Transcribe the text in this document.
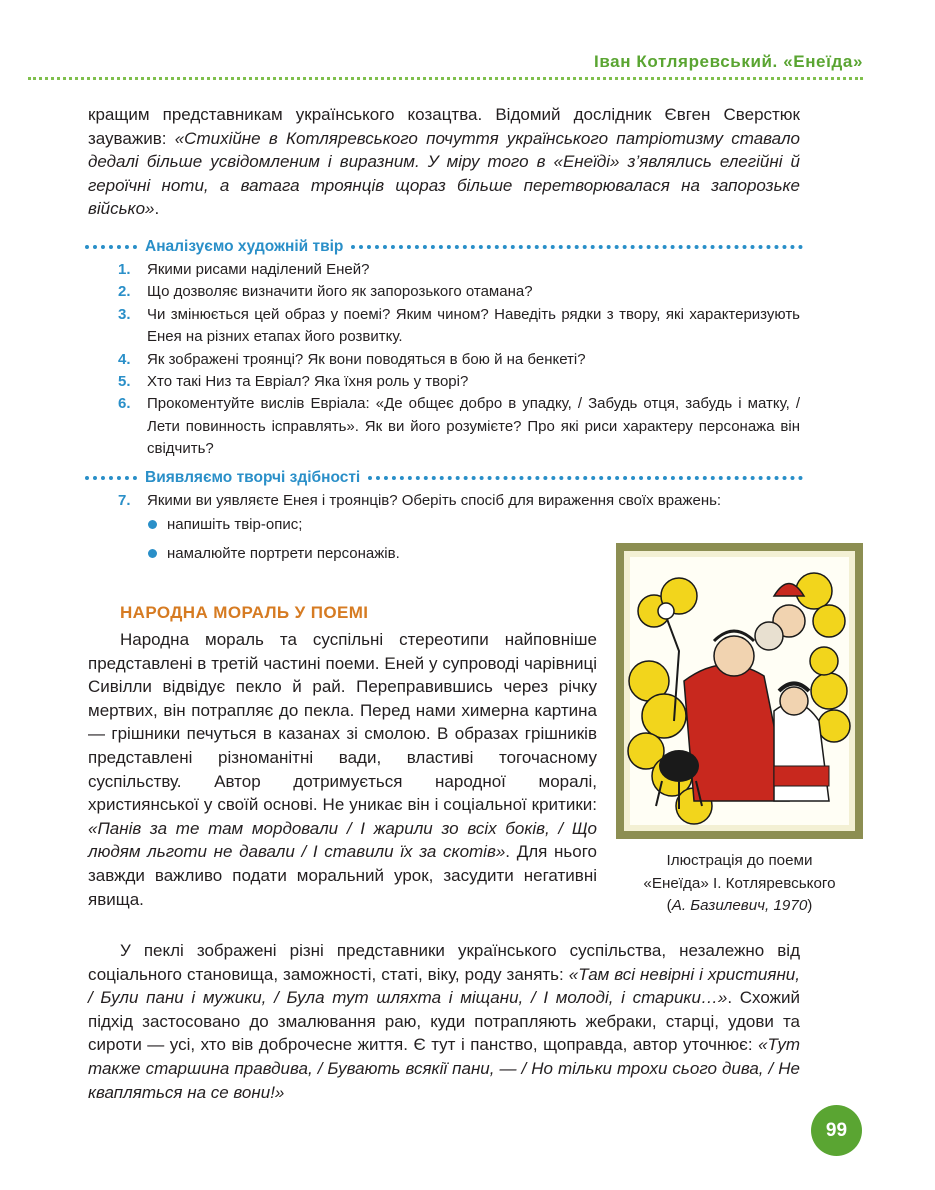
Іван Котляревський. «Енеїда»

кращим представникам українського козацтва. Відомий дослідник Євген Сверстюк зауважив: «Стихійне в Котляревського почуття українського патріотизму ставало дедалі більше усвідомленим і виразним. У міру того в «Енеїді» з’являлись елегійні й героїчні ноти, а ватага троянців щораз більше перетворювалася на запорозьке військо».

Аналізуємо художній твір
1. Якими рисами наділений Еней?
2. Що дозволяє визначити його як запорозького отамана?
3. Чи змінюється цей образ у поемі? Яким чином? Наведіть рядки з твору, які характеризують Енея на різних етапах його розвитку.
4. Як зображені троянці? Як вони поводяться в бою й на бенкеті?
5. Хто такі Низ та Евріал? Яка їхня роль у творі?
6. Прокоментуйте вислів Евріала: «Де общеє добро в упадку, / Забудь отця, забудь і матку, / Лети повинность ісправлять». Як ви його розумієте? Про які риси характеру персонажа він свідчить?
Виявляємо творчі здібності
7. Якими ви уявляєте Енея і троянців? Оберіть спосіб для вираження своїх вражень:
напишіть твір-опис;
намалюйте портрети персонажів.
НАРОДНА МОРАЛЬ У ПОЕМІ

Народна мораль та суспільні стереотипи найповніше представлені в третій частині поеми. Еней у супроводі чарівниці Сивілли відвідує пекло й рай. Переправившись через річку мертвих, він потрапляє до пекла. Перед нами химерна картина — грішники печуться в казанах зі смолою. В образах грішників представлені різноманітні вади, властиві тогочасному суспільству. Автор дотримується народної моралі, християнської у своїй основі. Не уникає він і соціальної критики: «Панів за те там мордовали / І жарили зо всіх боків, / Що людям льготи не давали / І ставили їх за скотів». Для нього завжди важливо подати моральний урок, засудити негативні явища.

У пеклі зображені різні представники українського суспільства, незалежно від соціального становища, заможності, статі, віку, роду занять: «Там всі невірні і християни, / Були пани і мужики, / Була тут шляхта і міщани, / І молоді, і старики…». Схожий підхід застосовано до змалювання раю, куди потрапляють жебраки, старці, удови та сироти — усі, хто вів доброчесне життя. Є тут і панство, щоправда, автор уточнює: «Тут также старшина правдива, / Бувають всякії пани, — / Но тільки трохи сього дива, / Не кваплятьcя на се вони!»

Ілюстрація до поеми
«Енеїда» І. Котляревського
(А. Базилевич, 1970)
99
